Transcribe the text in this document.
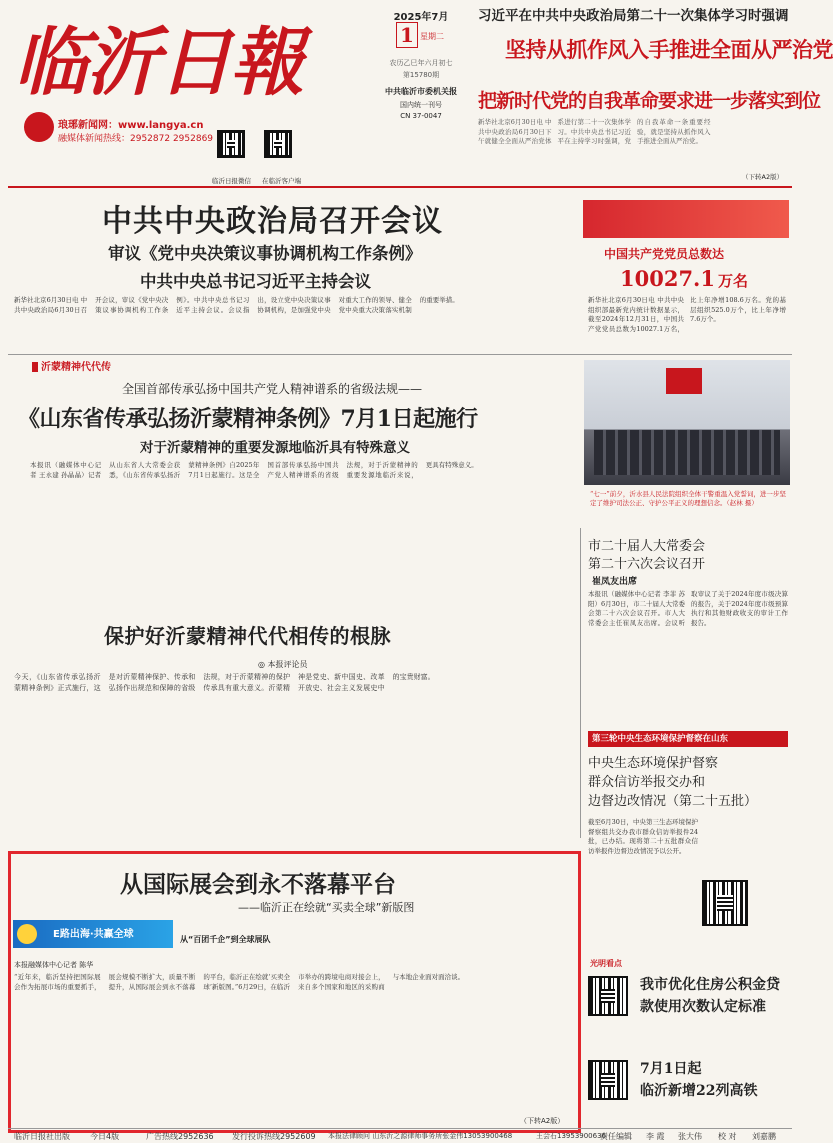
临沂日報
琅琊新闻网：www.langya.cn
融媒体新闻热线：2952872 2952869
2025年7月
1 星期二
农历乙巳年六月初七
第15780期
中共临沂市委机关报
国内统一刊号
CN 37-0047
临沂日报微信 在临沂客户端
习近平在中共中央政治局第二十一次集体学习时强调
坚持从抓作风入手推进全面从严治党
把新时代党的自我革命要求进一步落实到位
新华社北京6月30日电 中共中央政治局6月30日下午就健全全面从严治党体系进行第二十一次集体学习。中共中央总书记习近平在主持学习时强调，党的自我革命一条重要经验，就是坚持从抓作风入手推进全面从严治党。
（下转A2版）
中共中央政治局召开会议
审议《党中央决策议事协调机构工作条例》
中共中央总书记习近平主持会议
新华社北京6月30日电 中共中央政治局6月30日召开会议，审议《党中央决策议事协调机构工作条例》。中共中央总书记习近平主持会议。会议指出，设立党中央决策议事协调机构，是加强党中央对重大工作的领导、健全党中央重大决策落实机制的重要举措。
中国共产党党员总数达
10027.1 万名
新华社北京6月30日电 中共中央组织部最新党内统计数据显示，截至2024年12月31日，中国共产党党员总数为10027.1万名，比上年净增108.6万名。党的基层组织525.0万个，比上年净增7.6万个。
沂蒙精神代代传
全国首部传承弘扬中国共产党人精神谱系的省级法规——
《山东省传承弘扬沂蒙精神条例》7月1日起施行
对于沂蒙精神的重要发源地临沂具有特殊意义
本报讯（融媒体中心记者 王永建 孙晶晶）记者从山东省人大常委会获悉，《山东省传承弘扬沂蒙精神条例》自2025年7月1日起施行。这是全国首部传承弘扬中国共产党人精神谱系的省级法规，对于沂蒙精神的重要发源地临沂来说，更具有特殊意义。
“七一”前夕，沂水县人民法院组织全体干警重温入党誓词，进一步坚定了维护司法公正、守护公平正义的理想信念。（赵林 摄）
保护好沂蒙精神代代相传的根脉
◎ 本报评论员
今天，《山东省传承弘扬沂蒙精神条例》正式施行，这是对沂蒙精神保护、传承和弘扬作出规范和保障的省级法规，对于沂蒙精神的保护传承具有重大意义。沂蒙精神是党史、新中国史、改革开放史、社会主义发展史中的宝贵财富。
市二十届人大常委会
第二十六次会议召开
崔凤友出席
本报讯（融媒体中心记者 李菲 苏阳）6月30日，市二十届人大常委会第二十六次会议召开。市人大常委会主任崔凤友出席。会议听取审议了关于2024年度市级决算的报告，关于2024年度市级预算执行和其他财政收支的审计工作报告。
第三轮中央生态环境保护督察在山东
中央生态环境保护督察
群众信访举报交办和
边督边改情况（第二十五批）
截至6月30日，中央第三生态环境保护督察组共交办我市群众信访举报件24批，已办结。现将第二十五批群众信访举报件边督边改情况予以公开。
从国际展会到永不落幕平台
——临沂正在绘就“买卖全球”新版图
E路出海·共赢全球
本报融媒体中心记者 陈华
从“百团千企”到全球展队
“近年来，临沂坚持把国际展会作为拓展市场的重要抓手，展会规模不断扩大，质量不断提升，从国际展会到永不落幕的平台，临沂正在绘就‘买卖全球’新版图。”6月29日，在临沂市举办的跨境电商对接会上，来自多个国家和地区的采购商与本地企业面对面洽谈。
（下转A2版）
光明看点
我市优化住房公积金贷款使用次数认定标准
7月1日起
临沂新增22列高铁
临沂日报社出版	今日4版	广告热线2952636 发行投诉热线2952609 本报法律顾问 山东沂之源律师事务所张金伟13053900468	王会石13953900636
责任编辑 李 霞 张大伟 校 对 刘嘉鹏
